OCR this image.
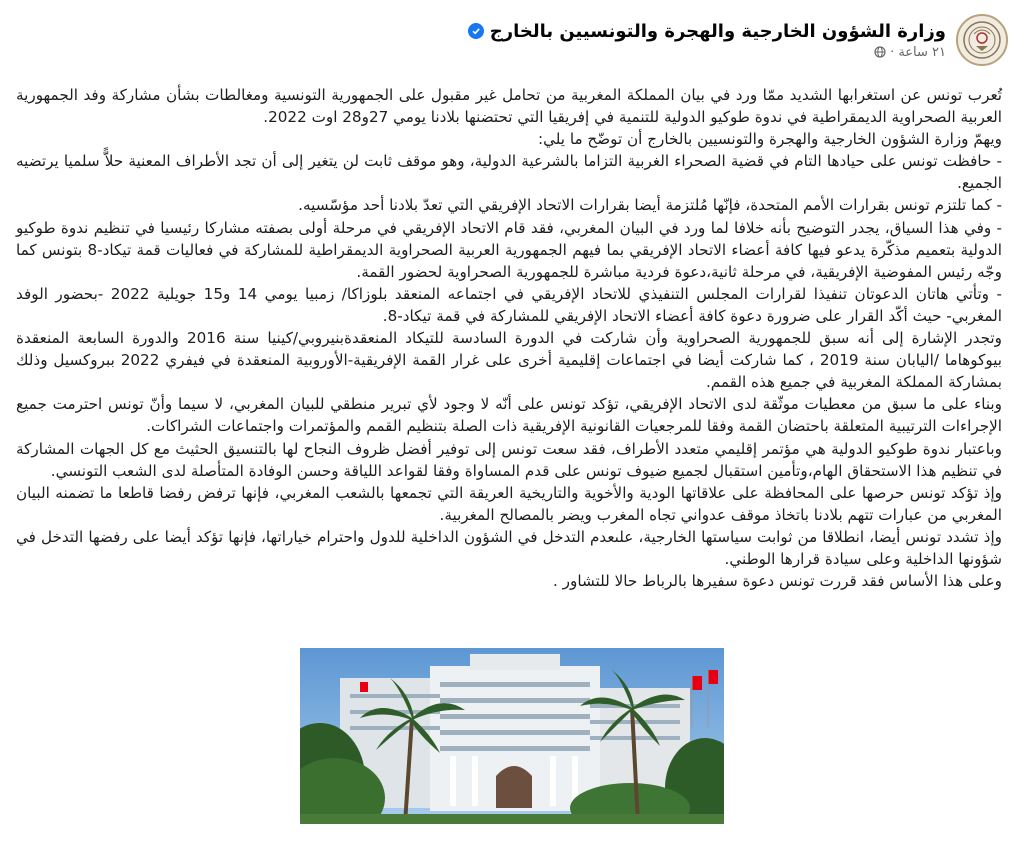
وزارة الشؤون الخارجية والهجرة والتونسيين بالخارج
٢١ ساعة
·

تُعرب تونس عن استغرابها الشديد ممّا ورد في بيان المملكة المغربية من تحامل غير مقبول على الجمهورية التونسية ومغالطات بشأن مشاركة وفد الجمهورية العربية الصحراوية الديمقراطية في ندوة طوكيو الدولية للتنمية في إفريقيا التي تحتضنها بلادنا يومي 27و28 اوت 2022.

ويهمّ وزارة الشؤون الخارجية والهجرة والتونسيين بالخارج أن توضّح ما يلي:

- حافظت تونس على حيادها التام في قضية الصحراء الغربية التزاما بالشرعية الدولية، وهو موقف ثابت لن يتغير إلى أن تجد الأطراف المعنية حلاًّ سلميا يرتضيه الجميع.

- كما تلتزم تونس بقرارات الأمم المتحدة، فإنّها مُلتزمة أيضا بقرارات الاتحاد الإفريقي التي تعدّ بلادنا أحد مؤسّسيه.

- وفي هذا السياق، يجدر التوضيح بأنه خلافا لما ورد في البيان المغربي، فقد قام الاتحاد الإفريقي في مرحلة أولى بصفته مشاركا رئيسيا في تنظيم ندوة طوكيو الدولية بتعميم مذكّرة يدعو فيها كافة أعضاء الاتحاد الإفريقي بما فيهم الجمهورية العربية الصحراوية الديمقراطية للمشاركة في فعاليات قمة تيكاد-8 بتونس كما وجّه رئيس المفوضية الإفريقية، في مرحلة ثانية،دعوة فردية مباشرة للجمهورية الصحراوية لحضور القمة.

- وتأتي هاتان الدعوتان تنفيذا لقرارات المجلس التنفيذي للاتحاد الإفريقي في اجتماعه المنعقد بلوزاكا/ زمبيا يومي 14 و15 جويلية 2022 -بحضور الوفد المغربي- حيث أكّد القرار على ضرورة دعوة كافة أعضاء الاتحاد الإفريقي للمشاركة في قمة تيكاد-8.

وتجدر الإشارة إلى أنه سبق للجمهورية الصحراوية وأن شاركت في الدورة السادسة للتيكاد المنعقدةبنيروبي/كينيا سنة 2016 والدورة السابعة المنعقدة بيوكوهاما /اليابان سنة 2019 ، كما شاركت أيضا في اجتماعات إقليمية أخرى على غرار القمة الإفريقية-الأوروبية المنعقدة في فيفري 2022 ببروكسيل وذلك بمشاركة المملكة المغربية في جميع هذه القمم.

وبناء على ما سبق من معطيات موثّقة لدى الاتحاد الإفريقي، تؤكد تونس على أنّه لا وجود لأي تبرير منطقي للبيان المغربي، لا سيما وأنّ تونس احترمت جميع الإجراءات الترتيبية المتعلقة باحتضان القمة وفقا للمرجعيات القانونية الإفريقية ذات الصلة بتنظيم القمم والمؤتمرات واجتماعات الشراكات.

وباعتبار ندوة طوكيو الدولية هي مؤتمر إقليمي متعدد الأطراف، فقد سعت تونس إلى توفير أفضل ظروف النجاح لها بالتنسيق الحثيث مع كل الجهات المشاركة في تنظيم هذا الاستحقاق الهام،وتأمين استقبال لجميع ضيوف تونس على قدم المساواة وفقا لقواعد اللياقة وحسن الوفادة المتأصلة لدى الشعب التونسي.

وإذ تؤكد تونس حرصها على المحافظة على علاقاتها الودية والأخوية والتاريخية العريقة التي تجمعها بالشعب المغربي، فإنها ترفض رفضا قاطعا ما تضمنه البيان المغربي من عبارات تتهم بلادنا باتخاذ موقف عدواني تجاه المغرب ويضر بالمصالح المغربية.

وإذ تشدد تونس أيضا، انطلاقا من ثوابت سياستها الخارجية، علىعدم التدخل في الشؤون الداخلية للدول واحترام خياراتها، فإنها تؤكد أيضا على رفضها التدخل في شؤونها الداخلية وعلى سيادة قرارها الوطني.

وعلى هذا الأساس فقد قررت تونس دعوة سفيرها بالرباط حالا للتشاور .
